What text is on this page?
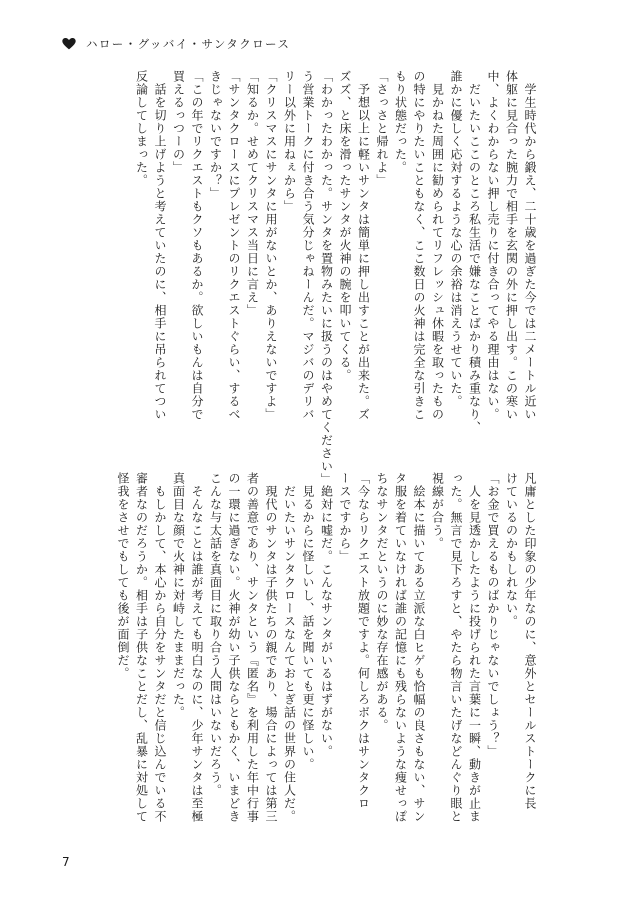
ハロー・グッバイ・サンタクロース

　学生時代から鍛え、二十歳を過ぎた今では二メートル近い

体躯に見合った腕力で相手を玄関の外に押し出す。この寒い

中、よくわからない押し売りに付き合ってやる理由はない。

　だいたいここのところ私生活で嫌なことばかり積み重なり、

誰かに優しく応対するような心の余裕は消えうせていた。

　見かねた周囲に勧められてリフレッシュ休暇を取ったもの

の特にやりたいこともなく、ここ数日の火神は完全な引きこ

もり状態だった。

「さっさと帰れよ」

　予想以上に軽いサンタは簡単に押し出すことが出来た。ズ

ズズ、と床を滑ったサンタが火神の腕を叩いてくる。

「わかったわかった。サンタを置物みたいに扱うのはやめてください」

う営業トークに付き合う気分じゃねーんだ。マジバのデリバ

リー以外に用ねぇから」

「クリスマスにサンタに用がないとか、ありえないですよ」

「知るか。せめてクリスマス当日に言え」

「サンタクロースにプレゼントのリクエストぐらい、するべ

きじゃないですか？」

「この年でリクエストもクソもあるか。欲しいもんは自分で

買えるっつーの」

　話を切り上げようと考えていたのに、相手に吊られてつい

反論してしまった。

凡庸とした印象の少年なのに、意外とセールストークに長

けているのかもしれない。

「お金で買えるものばかりじゃないでしょう？」

　人を見透かしたように投げられた言葉に一瞬、動きが止ま

った。無言で見下ろすと、やたら物言いたげなどんぐり眼と

視線が合う。

　絵本に描いてある立派な白ヒゲも恰幅の良さもない、サン

タ服を着ていなければ誰の記憶にも残らないような痩せっぽ

ちなサンタだというのに妙な存在感がある。

「今ならリクエスト放題ですよ。何しろボクはサンタクロ

ースですから」

　絶対に嘘だ。こんなサンタがいるはずがない。

　見るからに怪しいし、話を聞いても更に怪しい。

　だいたいサンタクロースなんておとぎ話の世界の住人だ。

　現代のサンタは子供たちの親であり、場合によっては第三

者の善意であり、サンタという『匿名』を利用した年中行事

の一環に過ぎない。火神が幼い子供ならともかく、いまどき

こんな与太話を真面目に取り合う人間はいないだろう。

　そんなことは誰が考えても明白なのに、少年サンタは至極

真面目な顔で火神に対峙したままだった。

　もしかして、本心から自分をサンタだと信じ込んでいる不

審者なのだろうか。相手は子供なことだし、乱暴に対処して

怪我をさせでもしても後が面倒だ。

7
